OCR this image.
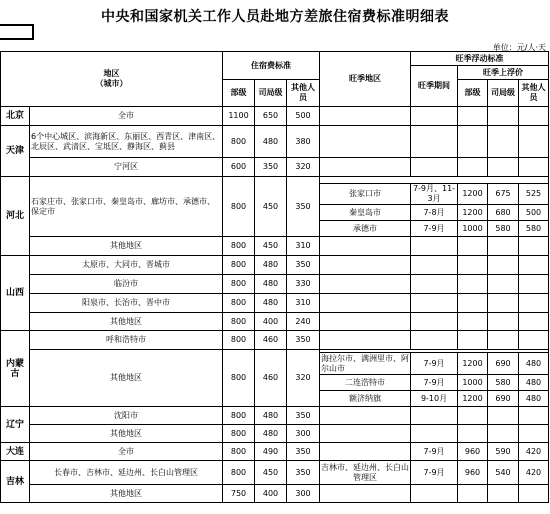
中央和国家机关工作人员赴地方差旅住宿费标准明细表
单位：元/人·天
地区
（城市）		住宿费标准			旺季地区	旺季浮动标准			
						旺季期间	旺季上浮价		
		部级	司局级	其他人员			部级	司局级	其他人员
北京	全市	1100	650	500					
天津	6个中心城区、滨海新区、东丽区、西青区、津南区、北辰区、武清区、宝坻区、静海区、蓟县	800	480	380					
	宁河区	600	350	320					
河北	石家庄市、张家口市、秦皇岛市、廊坊市、承德市、保定市	800	450	350					
					张家口市	7-9月、11-3月	1200	675	525
					秦皇岛市	7-8月	1200	680	500
					承德市	7-9月	1000	580	580
	其他地区	800	450	310					
山西	太原市、大同市、晋城市	800	480	350					
	临汾市	800	480	330					
	阳泉市、长治市、晋中市	800	480	310					
	其他地区	800	400	240					
内蒙古	呼和浩特市	800	460	350					
	其他地区	800	460	320					
					海拉尔市、满洲里市、阿尔山市	7-9月	1200	690	480
					二连浩特市	7-9月	1000	580	480
					额济纳旗	9-10月	1200	690	480
辽宁	沈阳市	800	480	350					
	其他地区	800	480	300					
大连	全市	800	490	350		7-9月	960	590	420
吉林	长春市、吉林市、延边州、长白山管理区	800	450	350	吉林市、延边州、长白山管理区	7-9月	960	540	420
	其他地区	750	400	300					
